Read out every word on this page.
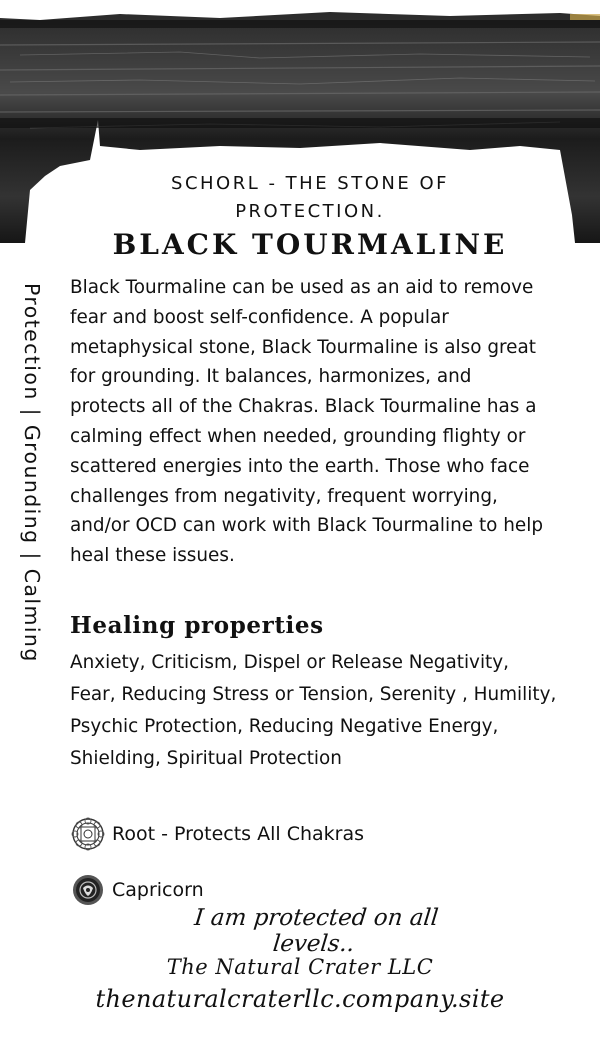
SCHORL - THE STONE OF PROTECTION.
BLACK TOURMALINE
Protection | Grounding | Calming Black Tourmaline can be used as an aid to remove fear and boost self-confidence. A popular metaphysical stone, Black Tourmaline is also great for grounding. It balances, harmonizes, and protects all of the Chakras. Black Tourmaline has a calming effect when needed, grounding flighty or scattered energies into the earth. Those who face challenges from negativity, frequent worrying, and/or OCD can work with Black Tourmaline to help heal these issues.
Healing properties
Anxiety, Criticism, Dispel or Release Negativity, Fear, Reducing Stress or Tension, Serenity , Humility, Psychic Protection, Reducing Negative Energy, Shielding, Spiritual Protection
Root - Protects All Chakras
Capricorn
I am protected on all levels..
The Natural Crater LLC
thenaturalcraterllc.company.site
